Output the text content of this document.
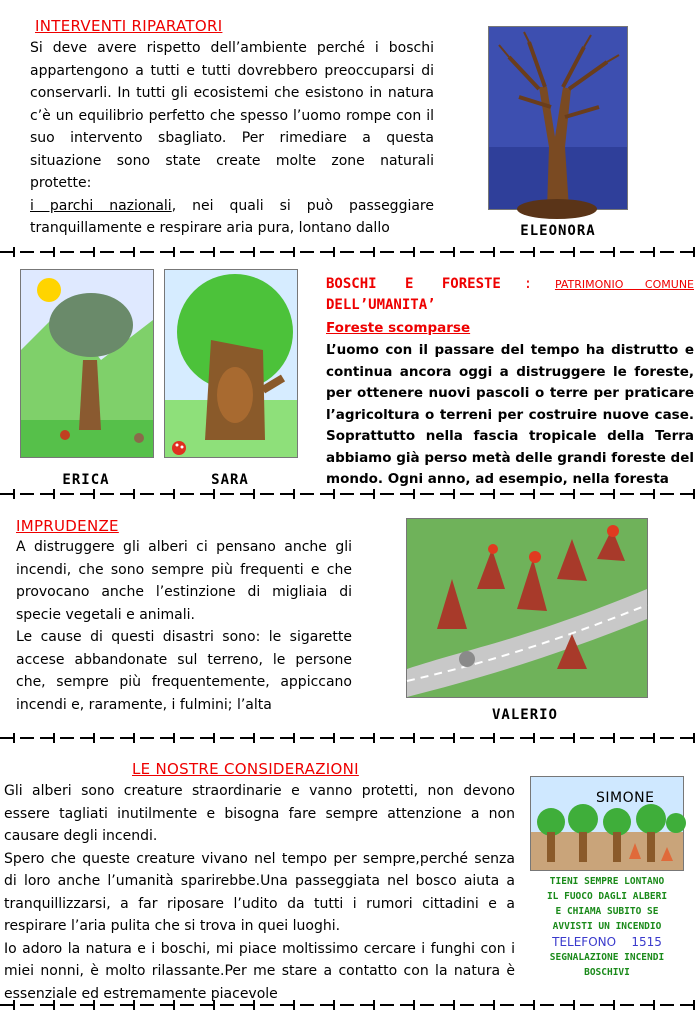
INTERVENTI RIPARATORI

Si deve avere rispetto dell’ambiente perché i boschi appartengono a tutti e tutti dovrebbero preoccuparsi di conservarli. In tutti gli ecosistemi che esistono in natura c’è un equilibrio perfetto che spesso l’uomo rompe con il suo intervento sbagliato. Per rimediare a questa situazione sono state create molte zone naturali protette:
i parchi nazionali, nei quali si può passeggiare tranquillamente e respirare aria pura, lontano dallo	ELEONORA
ERICA	SARA
BOSCHI E FORESTE : PATRIMONIO COMUNE
DELL’UMANITA’
Foreste scomparse

L’uomo con il passare del tempo ha distrutto e continua ancora oggi a distruggere le foreste, per ottenere nuovi pascoli o terre per praticare l’agricoltura o terreni per costruire nuove case. Soprattutto nella fascia tropicale della Terra abbiamo già perso metà delle grandi foreste del mondo. Ogni anno, ad esempio, nella foresta

IMPRUDENZE

A distruggere gli alberi ci pensano anche gli incendi, che sono sempre più frequenti e che provocano anche l’estinzione di migliaia di specie vegetali e animali.
Le cause di questi disastri sono: le sigarette accese abbandonate sul terreno, le persone che, sempre più frequentemente, appiccano incendi e, raramente, i fulmini; l’alta

VALERIO
LE NOSTRE CONSIDERAZIONI

Gli alberi sono creature straordinarie e vanno protetti, non devono essere tagliati inutilmente e bisogna fare sempre attenzione a non causare degli incendi.
Spero che queste creature vivano nel tempo per sempre,perché senza di loro anche l’umanità sparirebbe.Una passeggiata nel bosco aiuta a tranquillizzarsi, a far riposare l’udito da tutti i rumori cittadini e a respirare l’aria pulita che si trova in quei luoghi.
Io adoro la natura e i boschi, mi piace moltissimo cercare i funghi con i miei nonni, è molto rilassante.Per me stare a contatto con la natura è essenziale ed estremamente piacevole

SIMONE
TIENI SEMPRE LONTANO
IL FUOCO DAGLI ALBERI
E CHIAMA SUBITO SE
AVVISTI UN INCENDIO
TELEFONO    1515
SEGNALAZIONE INCENDI
BOSCHIVI
